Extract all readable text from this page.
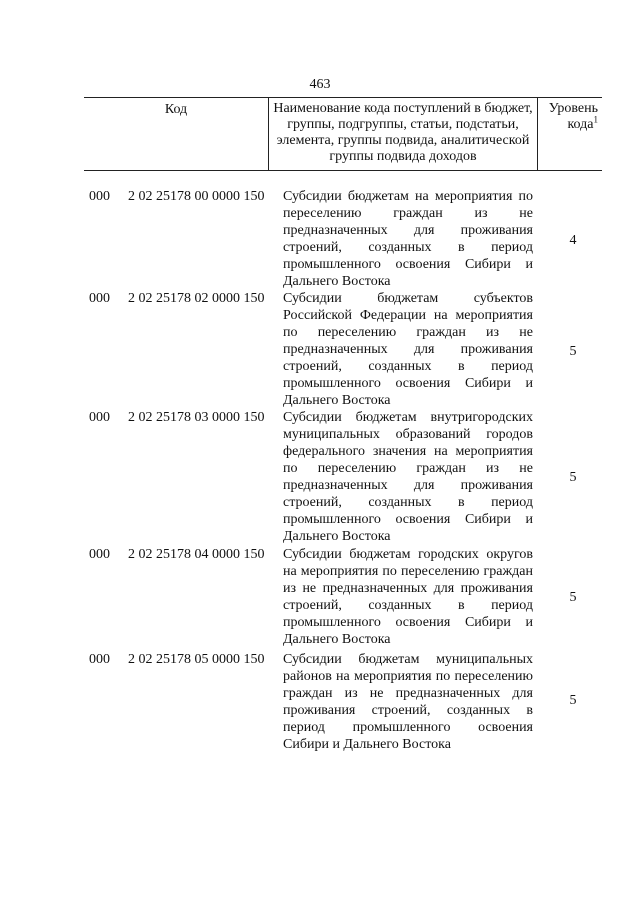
463
Код	Наименование кода поступлений в бюджет, группы, подгруппы, статьи, подстатьи, элемента, группы подвида, аналитической группы подвида доходов
Уровень кода$^1$
000 2 02 25178 00 0000 150 Субсидии бюджетам на мероприятия по переселению граждан из не предназначенных для проживания строений, созданных в период промышленного освоения Сибири и Дальнего Востока
4
000 2 02 25178 02 0000 150 Субсидии бюджетам субъектов Российской Федерации на мероприятия по переселению граждан из не предназначенных для проживания строений, созданных в период промышленного освоения Сибири и Дальнего Востока
5
000 2 02 25178 03 0000 150 Субсидии бюджетам внутригородских муниципальных образований городов федерального значения на мероприятия по переселению граждан из не предназначенных для проживания строений, созданных в период промышленного освоения Сибири и Дальнего Востока
5
000 2 02 25178 04 0000 150 Субсидии бюджетам городских округов на мероприятия по переселению граждан из не предназначенных для проживания строений, созданных в период промышленного освоения Сибири и Дальнего Востока
5
000 2 02 25178 05 0000 150 Субсидии бюджетам муниципальных районов на мероприятия по переселению граждан из не предназначенных для проживания строений, созданных в период промышленного освоения Сибири и Дальнего Востока
5
